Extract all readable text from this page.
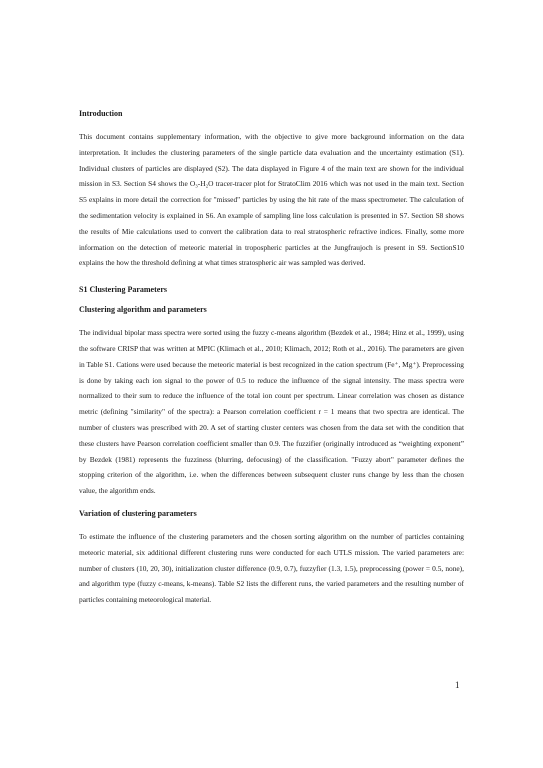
Introduction

This document contains supplementary information, with the objective to give more background information on the data interpretation. It includes the clustering parameters of the single particle data evaluation and the uncertainty estimation (S1). Individual clusters of particles are displayed (S2). The data displayed in Figure 4 of the main text are shown for the individual mission in S3. Section S4 shows the O₃-H₂O tracer-tracer plot for StratoClim 2016 which was not used in the main text. Section S5 explains in more detail the correction for "missed" particles by using the hit rate of the mass spectrometer. The calculation of the sedimentation velocity is explained in S6. An example of sampling line loss calculation is presented in S7. Section S8 shows the results of Mie calculations used to convert the calibration data to real stratospheric refractive indices. Finally, some more information on the detection of meteoric material in tropospheric particles at the Jungfraujoch is present in S9. SectionS10 explains the how the threshold defining at what times stratospheric air was sampled was derived.

S1 Clustering Parameters
Clustering algorithm and parameters

The individual bipolar mass spectra were sorted using the fuzzy c-means algorithm (Bezdek et al., 1984; Hinz et al., 1999), using the software CRISP that was written at MPIC (Klimach et al., 2010; Klimach, 2012; Roth et al., 2016). The parameters are given in Table S1. Cations were used because the meteoric material is best recognized in the cation spectrum (Fe⁺, Mg⁺). Preprocessing is done by taking each ion signal to the power of 0.5 to reduce the influence of the signal intensity. The mass spectra were normalized to their sum to reduce the influence of the total ion count per spectrum. Linear correlation was chosen as distance metric (defining "similarity" of the spectra): a Pearson correlation coefficient r = 1 means that two spectra are identical. The number of clusters was prescribed with 20. A set of starting cluster centers was chosen from the data set with the condition that these clusters have Pearson correlation coefficient smaller than 0.9. The fuzzifier (originally introduced as “weighting exponent” by Bezdek (1981) represents the fuzziness (blurring, defocusing) of the classification. "Fuzzy abort" parameter defines the stopping criterion of the algorithm, i.e. when the differences between subsequent cluster runs change by less than the chosen value, the algorithm ends.

Variation of clustering parameters

To estimate the influence of the clustering parameters and the chosen sorting algorithm on the number of particles containing meteoric material, six additional different clustering runs were conducted for each UTLS mission. The varied parameters are: number of clusters (10, 20, 30), initialization cluster difference (0.9, 0.7), fuzzyfier (1.3, 1.5), preprocessing (power = 0.5, none), and algorithm type (fuzzy c-means, k-means). Table S2 lists the different runs, the varied parameters and the resulting number of particles containing meteorological material.

1
